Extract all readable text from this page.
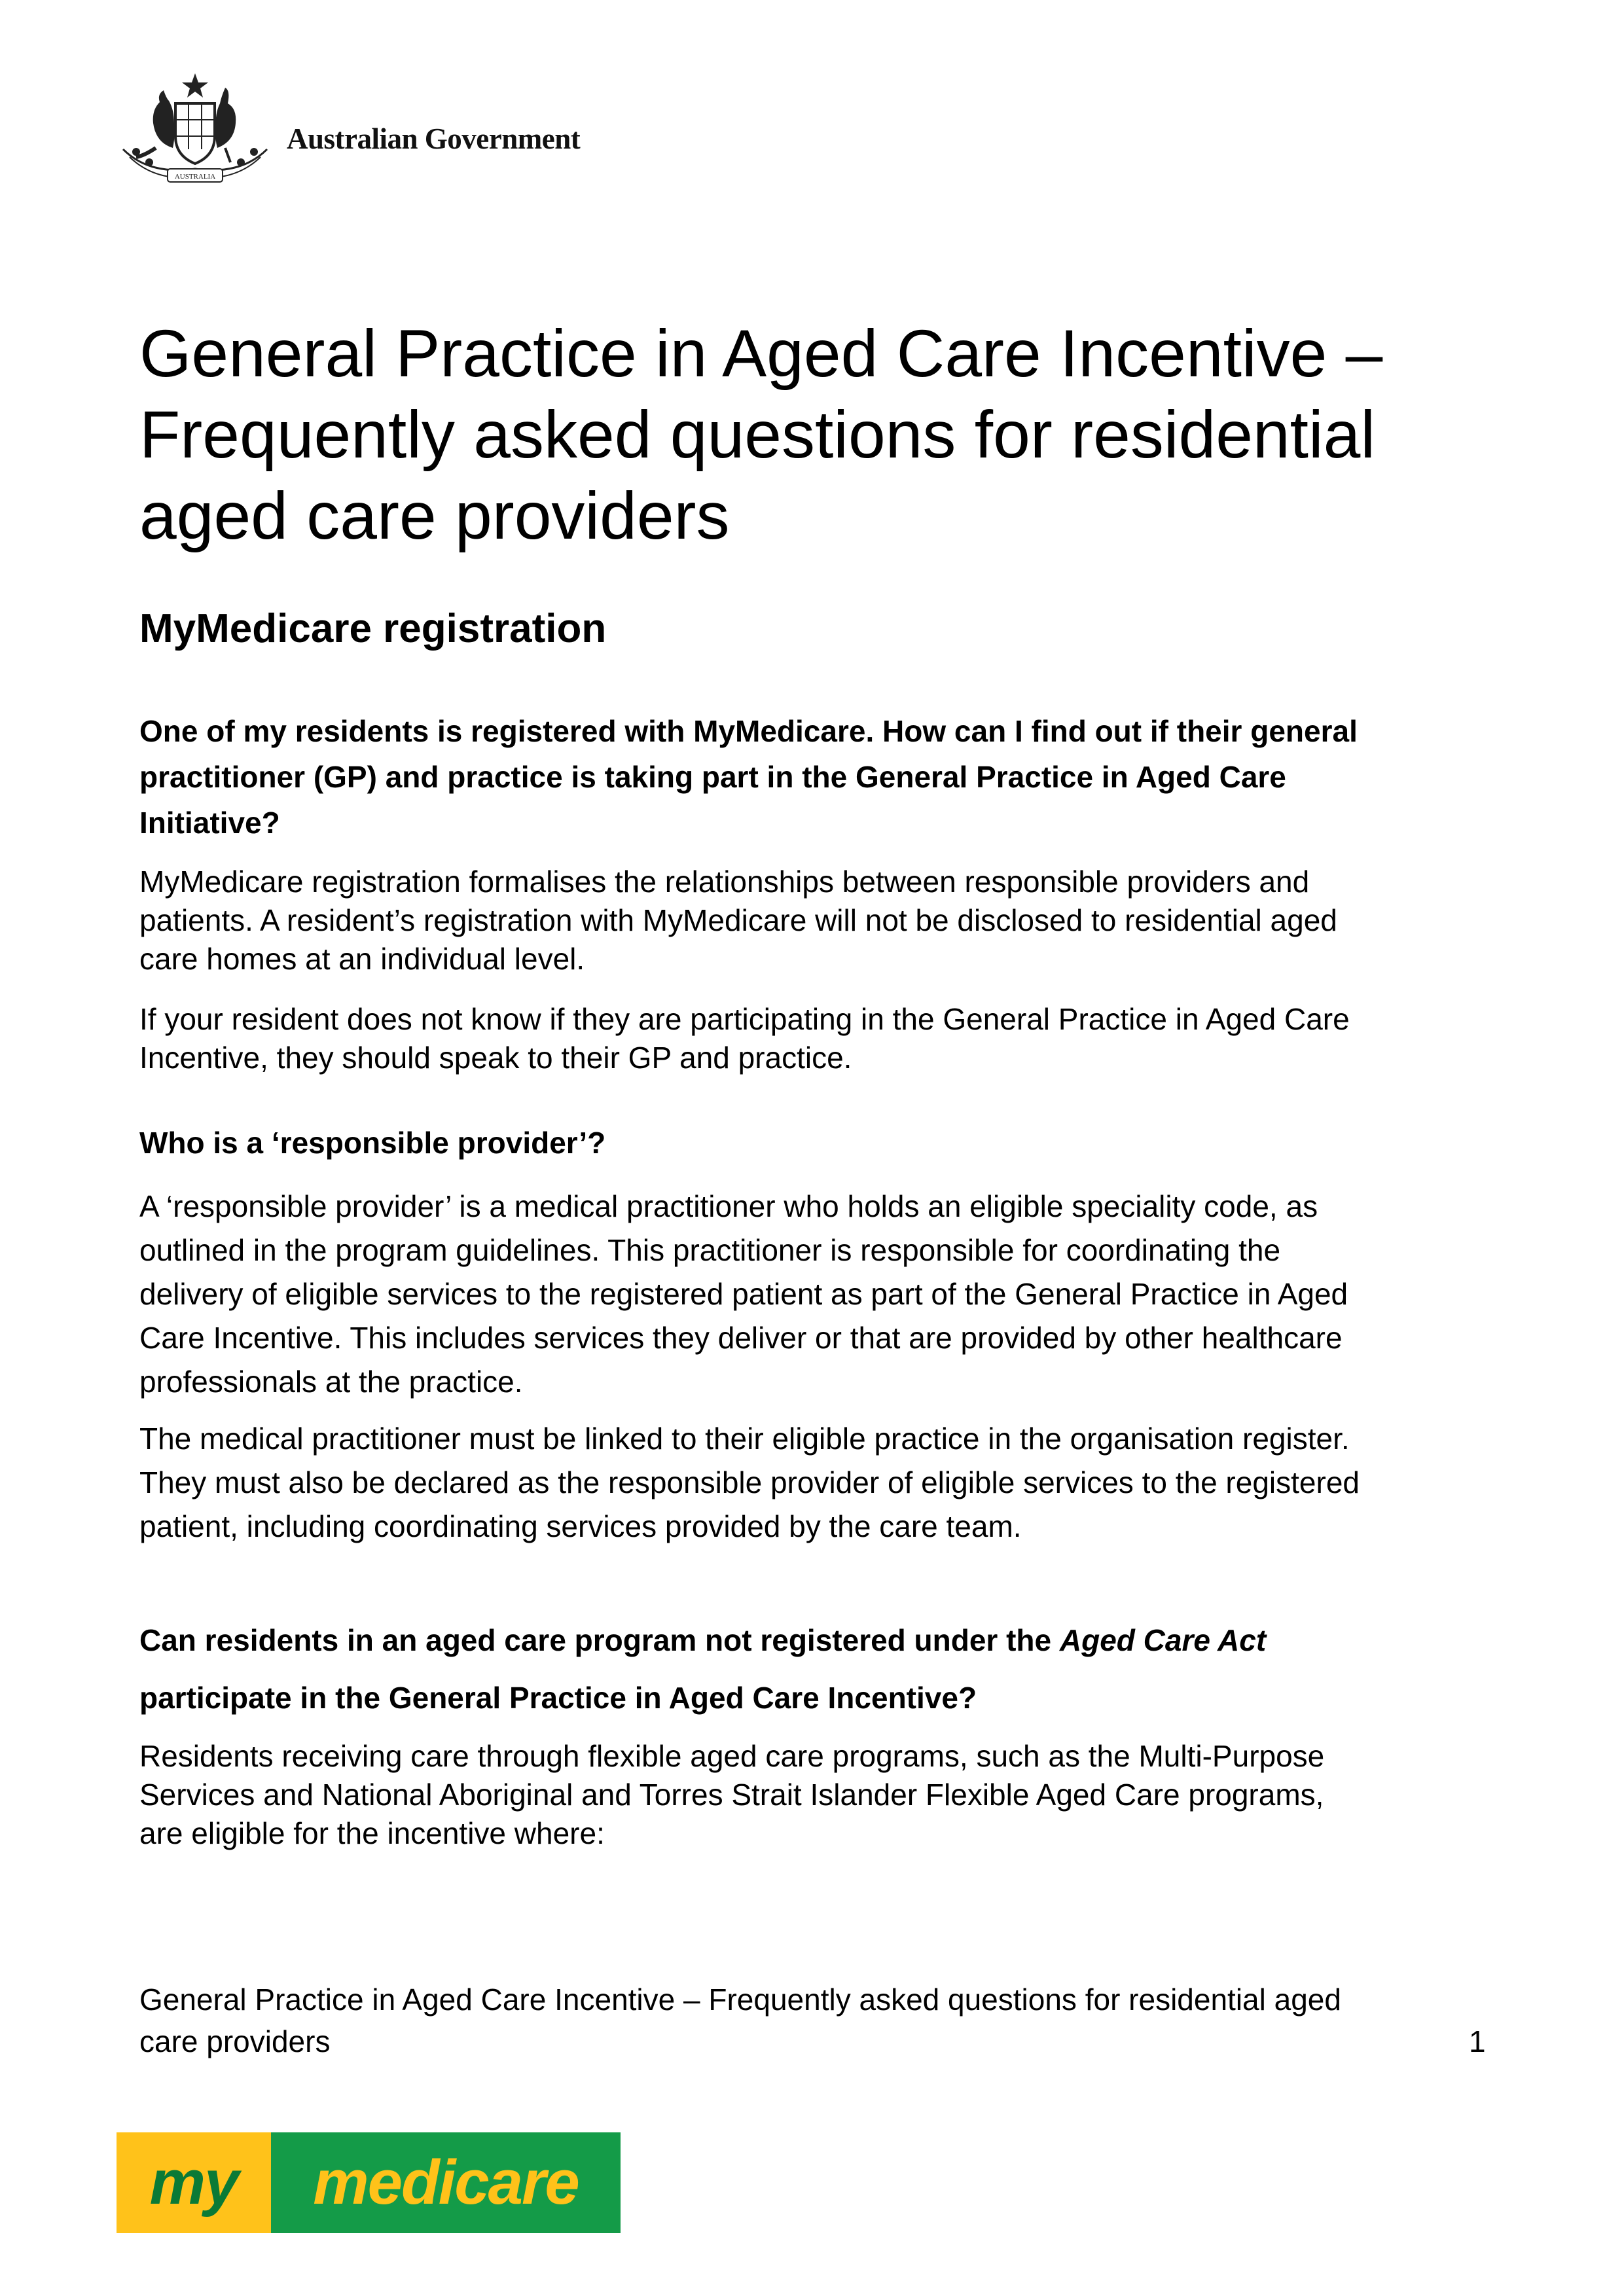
AUSTRALIA
Australian Government
General Practice in Aged Care Incentive –
Frequently asked questions for residential
aged care providers
MyMedicare registration
One of my residents is registered with MyMedicare. How can I find out if their general
practitioner (GP) and practice is taking part in the General Practice in Aged Care
Initiative?
MyMedicare registration formalises the relationships between responsible providers and
patients. A resident’s registration with MyMedicare will not be disclosed to residential aged
care homes at an individual level.
If your resident does not know if they are participating in the General Practice in Aged Care
Incentive, they should speak to their GP and practice.
Who is a ‘responsible provider’?
A ‘responsible provider’ is a medical practitioner who holds an eligible speciality code, as
outlined in the program guidelines. This practitioner is responsible for coordinating the
delivery of eligible services to the registered patient as part of the General Practice in Aged
Care Incentive. This includes services they deliver or that are provided by other healthcare
professionals at the practice.
The medical practitioner must be linked to their eligible practice in the organisation register.
They must also be declared as the responsible provider of eligible services to the registered
patient, including coordinating services provided by the care team.
Can residents in an aged care program not registered under the Aged Care Act
participate in the General Practice in Aged Care Incentive?
Residents receiving care through flexible aged care programs, such as the Multi-Purpose
Services and National Aboriginal and Torres Strait Islander Flexible Aged Care programs,
are eligible for the incentive where:
General Practice in Aged Care Incentive – Frequently asked questions for residential aged
care providers	1
my	medicare
